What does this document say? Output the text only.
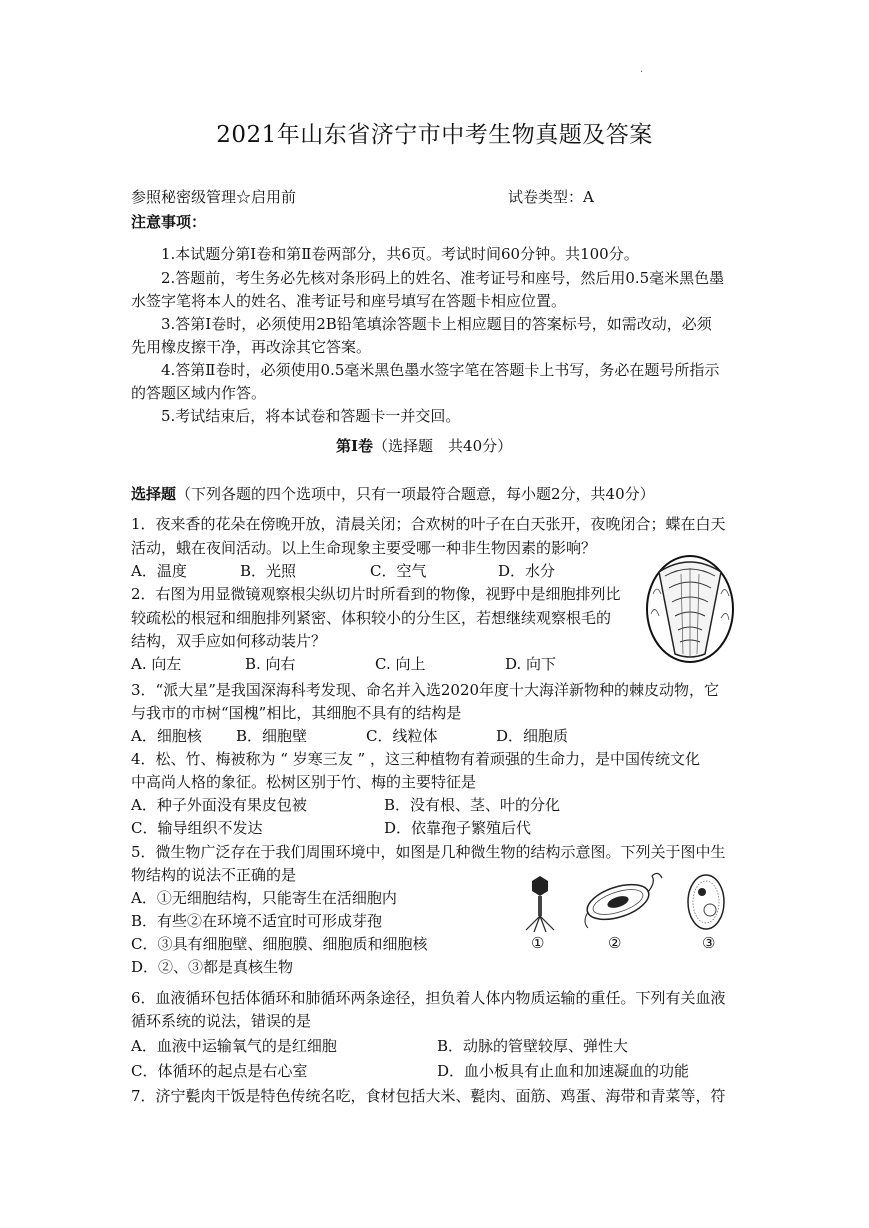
.
2021年山东省济宁市中考生物真题及答案
参照秘密级管理☆启用前	试卷类型：A
注意事项：
1.本试题分第Ⅰ卷和第Ⅱ卷两部分，共6页。考试时间60分钟。共100分。
2.答题前，考生务必先核对条形码上的姓名、准考证号和座号，然后用0.5毫米黑色墨
水签字笔将本人的姓名、准考证号和座号填写在答题卡相应位置。
3.答第Ⅰ卷时，必须使用2B铅笔填涂答题卡上相应题目的答案标号，如需改动，必须
先用橡皮擦干净，再改涂其它答案。
4.答第Ⅱ卷时，必须使用0.5毫米黑色墨水签字笔在答题卡上书写，务必在题号所指示
的答题区域内作答。
5.考试结束后，将本试卷和答题卡一并交回。
第Ⅰ卷（选择题　共40分）
选择题（下列各题的四个选项中，只有一项最符合题意，每小题2分，共40分）
1．夜来香的花朵在傍晚开放，清晨关闭；合欢树的叶子在白天张开，夜晚闭合；蝶在白天
活动，蛾在夜间活动。以上生命现象主要受哪一种非生物因素的影响？
A．温度	B．光照	C．空气	D．水分
2．右图为用显微镜观察根尖纵切片时所看到的物像，视野中是细胞排列比
较疏松的根冠和细胞排列紧密、体积较小的分生区，若想继续观察根毛的
结构，双手应如何移动装片？
A. 向左	B. 向右	C. 向上	D. 向下
3．“派大星”是我国深海科考发现、命名并入选2020年度十大海洋新物种的棘皮动物，它
与我市的市树“国槐”相比，其细胞不具有的结构是
A．细胞核 B．细胞壁	C．线粒体	D．细胞质
4．松、竹、梅被称为 “ 岁寒三友 ” ，这三种植物有着顽强的生命力，是中国传统文化
中高尚人格的象征。松树区别于竹、梅的主要特征是
A．种子外面没有果皮包被	B．没有根、茎、叶的分化
C．输导组织不发达	D．依靠孢子繁殖后代
5．微生物广泛存在于我们周围环境中，如图是几种微生物的结构示意图。下列关于图中生
物结构的说法不正确的是
A．①无细胞结构，只能寄生在活细胞内
B．有些②在环境不适宜时可形成芽孢
C．③具有细胞壁、细胞膜、细胞质和细胞核
D．②、③都是真核生物
①	②	③
6．血液循环包括体循环和肺循环两条途径，担负着人体内物质运输的重任。下列有关血液
循环系统的说法，错误的是
A．血液中运输氧气的是红细胞	B．动脉的管壁较厚、弹性大
C．体循环的起点是右心室	D．血小板具有止血和加速凝血的功能
7．济宁甏肉干饭是特色传统名吃，食材包括大米、甏肉、面筋、鸡蛋、海带和青菜等，符
